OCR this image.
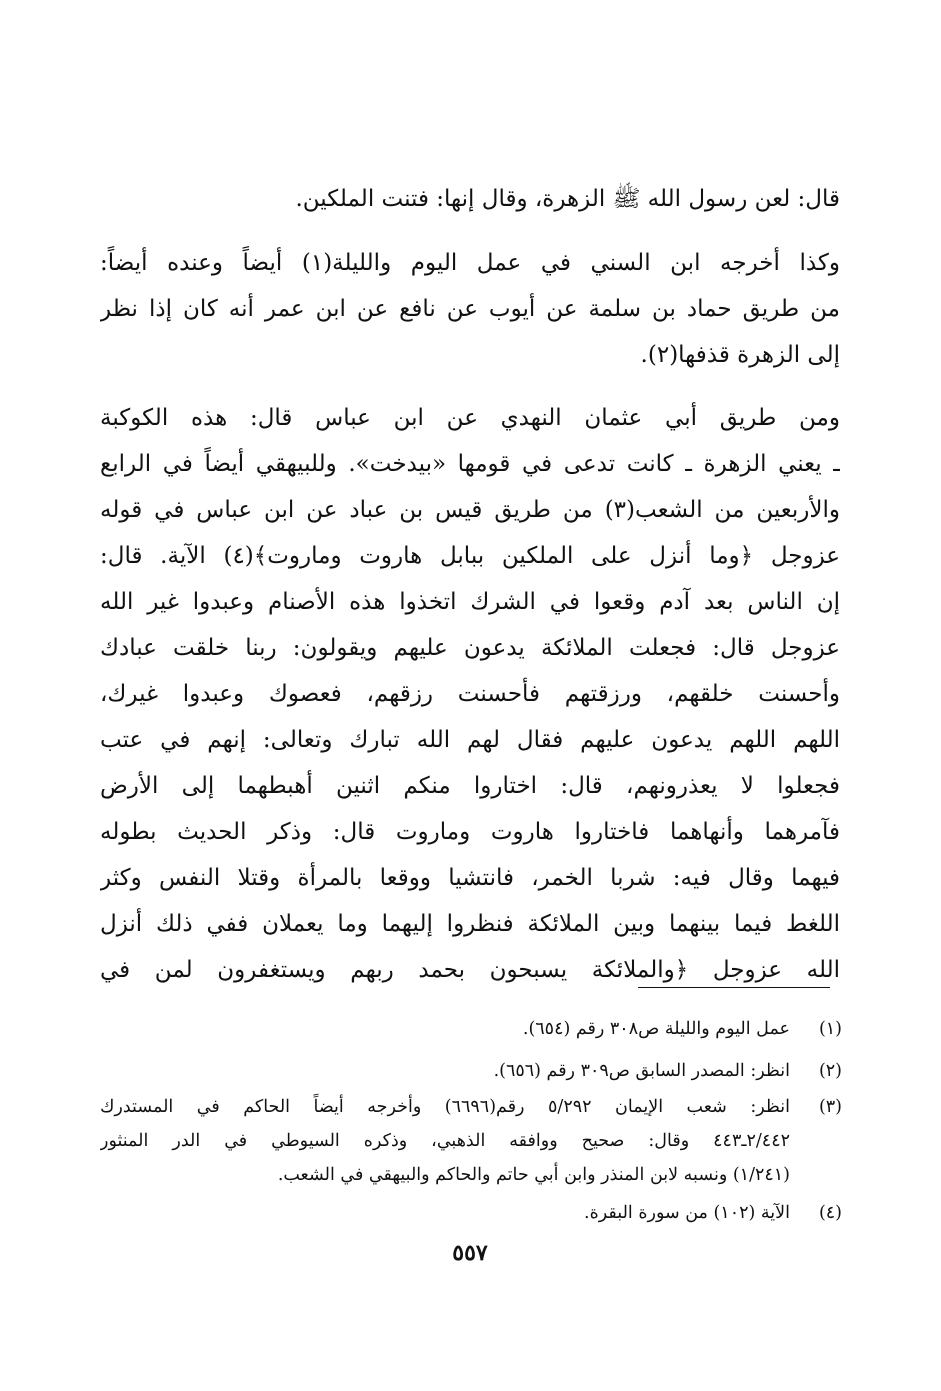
قال: لعن رسول الله ﷺ الزهرة، وقال إنها: فتنت الملكين.
وكذا أخرجه ابن السني في عمل اليوم والليلة(١) أيضاً وعنده أيضاً:
من طريق حماد بن سلمة عن أيوب عن نافع عن ابن عمر أنه كان إذا نظر
إلى الزهرة قذفها(٢).
ومن طريق أبي عثمان النهدي عن ابن عباس قال: هذه الكوكبة
ـ يعني الزهرة ـ كانت تدعى في قومها «بيدخت». وللبيهقي أيضاً في الرابع
والأربعين من الشعب(٣) من طريق قيس بن عباد عن ابن عباس في قوله
عزوجل ﴿وما أنزل على الملكين ببابل هاروت وماروت﴾(٤) الآية. قال:
إن الناس بعد آدم وقعوا في الشرك اتخذوا هذه الأصنام وعبدوا غير الله
عزوجل قال: فجعلت الملائكة يدعون عليهم ويقولون: ربنا خلقت عبادك
وأحسنت خلقهم، ورزقتهم فأحسنت رزقهم، فعصوك وعبدوا غيرك،
اللهم اللهم يدعون عليهم فقال لهم الله تبارك وتعالى: إنهم في عتب
فجعلوا لا يعذرونهم، قال: اختاروا منكم اثنين أهبطهما إلى الأرض
فآمرهما وأنهاهما فاختاروا هاروت وماروت قال: وذكر الحديث بطوله
فيهما وقال فيه: شربا الخمر، فانتشيا ووقعا بالمرأة وقتلا النفس وكثر
اللغط فيما بينهما وبين الملائكة فنظروا إليهما وما يعملان ففي ذلك أنزل
الله عزوجل ﴿والملائكة يسبحون بحمد ربهم ويستغفرون لمن في
(١)
عمل اليوم والليلة ص٣٠٨ رقم (٦٥٤).
(٢)
انظر: المصدر السابق ص٣٠٩ رقم (٦٥٦).
(٣)
انظر: شعب الإيمان ٥/٢٩٢ رقم(٦٦٩٦) وأخرجه أيضاً الحاكم في المستدرك
٢/٤٤٢ـ٤٤٣ وقال: صحيح ووافقه الذهبي، وذكره السيوطي في الدر المنثور
(١/٢٤١) ونسبه لابن المنذر وابن أبي حاتم والحاكم والبيهقي في الشعب.
(٤)
الآية (١٠٢) من سورة البقرة.
٥٥٧
